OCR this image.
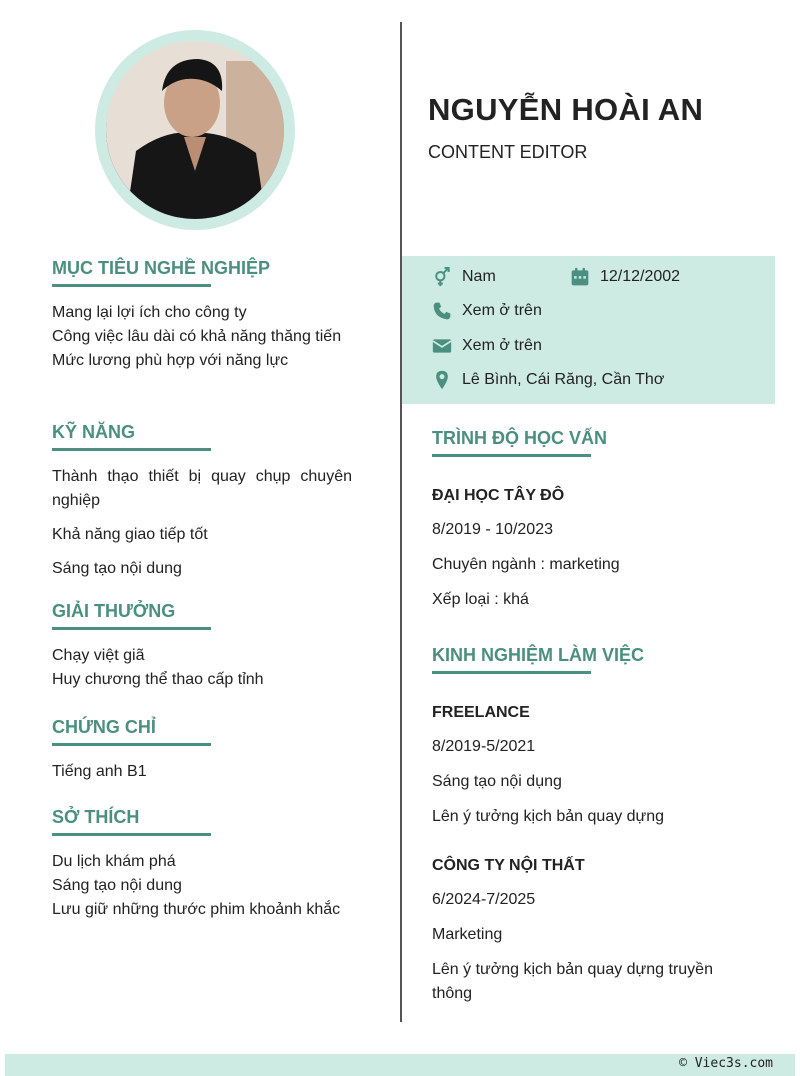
MỤC TIÊU NGHỀ NGHIỆP
Mang lại lợi ích cho công ty
Công việc lâu dài có khả năng thăng tiến
Mức lương phù hợp với năng lực
KỸ NĂNG
Thành thạo thiết bị quay chụp chuyên nghiệp
Khả năng giao tiếp tốt
Sáng tạo nội dung
GIẢI THƯỞNG
Chạy việt giã
Huy chương thể thao cấp tỉnh
CHỨNG CHỈ
Tiếng anh B1
SỞ THÍCH
Du lịch khám phá
Sáng tạo nội dung
Lưu giữ những thước phim khoảnh khắc
NGUYỄN HOÀI AN
CONTENT EDITOR
Nam	12/12/2002
Xem ở trên
Xem ở trên
Lê Bình, Cái Răng, Cần Thơ
TRÌNH ĐỘ HỌC VẤN
ĐẠI HỌC TÂY ĐÔ
8/2019 - 10/2023
Chuyên ngành : marketing
Xếp loại : khá
KINH NGHIỆM LÀM VIỆC
FREELANCE
8/2019-5/2021
Sáng tạo nội dụng
Lên ý tưởng kịch bản quay dựng
CÔNG TY NỘI THẤT
6/2024-7/2025
Marketing
Lên ý tưởng kịch bản quay dựng truyền thông
© Viec3s.com
